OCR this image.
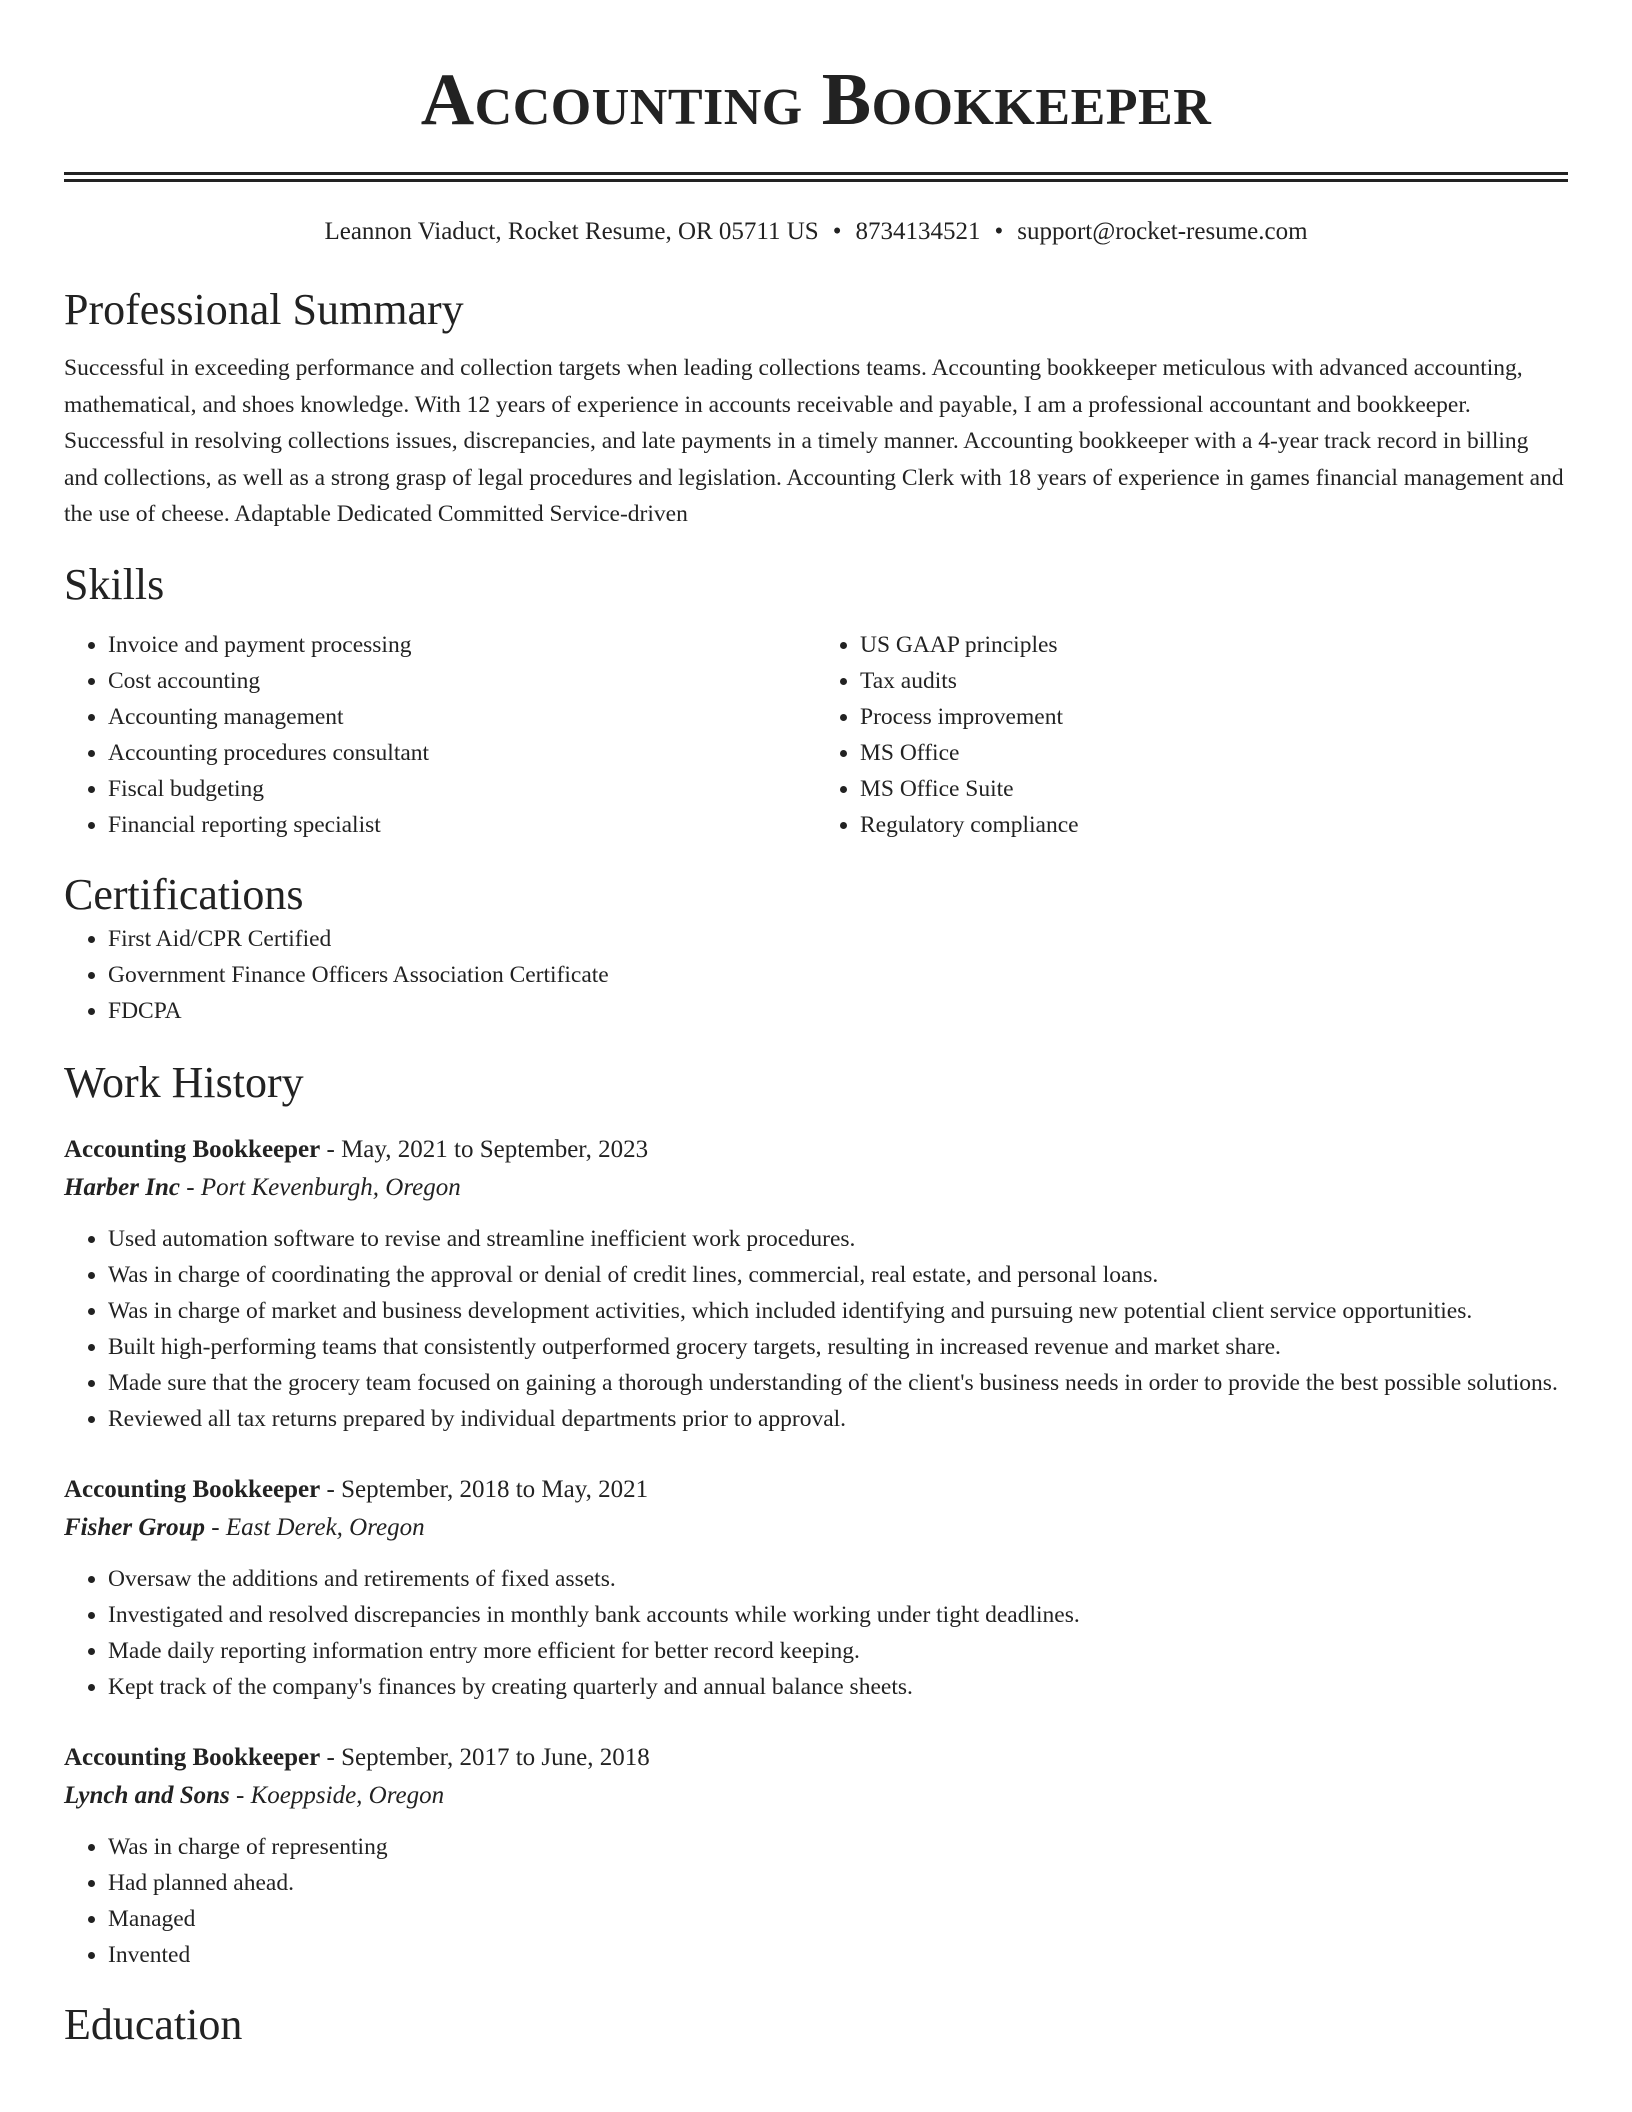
Accounting Bookkeeper
Leannon Viaduct, Rocket Resume, OR 05711 US • 8734134521 • support@rocket-resume.com
Professional Summary

Successful in exceeding performance and collection targets when leading collections teams. Accounting bookkeeper meticulous with advanced accounting, mathematical, and shoes knowledge. With 12 years of experience in accounts receivable and payable, I am a professional accountant and bookkeeper. Successful in resolving collections issues, discrepancies, and late payments in a timely manner. Accounting bookkeeper with a 4-year track record in billing and collections, as well as a strong grasp of legal procedures and legislation. Accounting Clerk with 18 years of experience in games financial management and the use of cheese. Adaptable Dedicated Committed Service-driven

Skills
• Invoice and payment processing
• Cost accounting
• Accounting management
• Accounting procedures consultant
• Fiscal budgeting
• Financial reporting specialist
• US GAAP principles
• Tax audits
• Process improvement
• MS Office
• MS Office Suite
• Regulatory compliance
Certifications
• First Aid/CPR Certified
• Government Finance Officers Association Certificate
• FDCPA
Work History
Accounting Bookkeeper - May, 2021 to September, 2023
Harber Inc - Port Kevenburgh, Oregon
• Used automation software to revise and streamline inefficient work procedures.
• Was in charge of coordinating the approval or denial of credit lines, commercial, real estate, and personal loans.
• Was in charge of market and business development activities, which included identifying and pursuing new potential client service opportunities.
• Built high-performing teams that consistently outperformed grocery targets, resulting in increased revenue and market share.
• Made sure that the grocery team focused on gaining a thorough understanding of the client's business needs in order to provide the best possible solutions.
• Reviewed all tax returns prepared by individual departments prior to approval.
Accounting Bookkeeper - September, 2018 to May, 2021
Fisher Group - East Derek, Oregon
• Oversaw the additions and retirements of fixed assets.
• Investigated and resolved discrepancies in monthly bank accounts while working under tight deadlines.
• Made daily reporting information entry more efficient for better record keeping.
• Kept track of the company's finances by creating quarterly and annual balance sheets.
Accounting Bookkeeper - September, 2017 to June, 2018
Lynch and Sons - Koeppside, Oregon
• Was in charge of representing
• Had planned ahead.
• Managed
• Invented
Education
